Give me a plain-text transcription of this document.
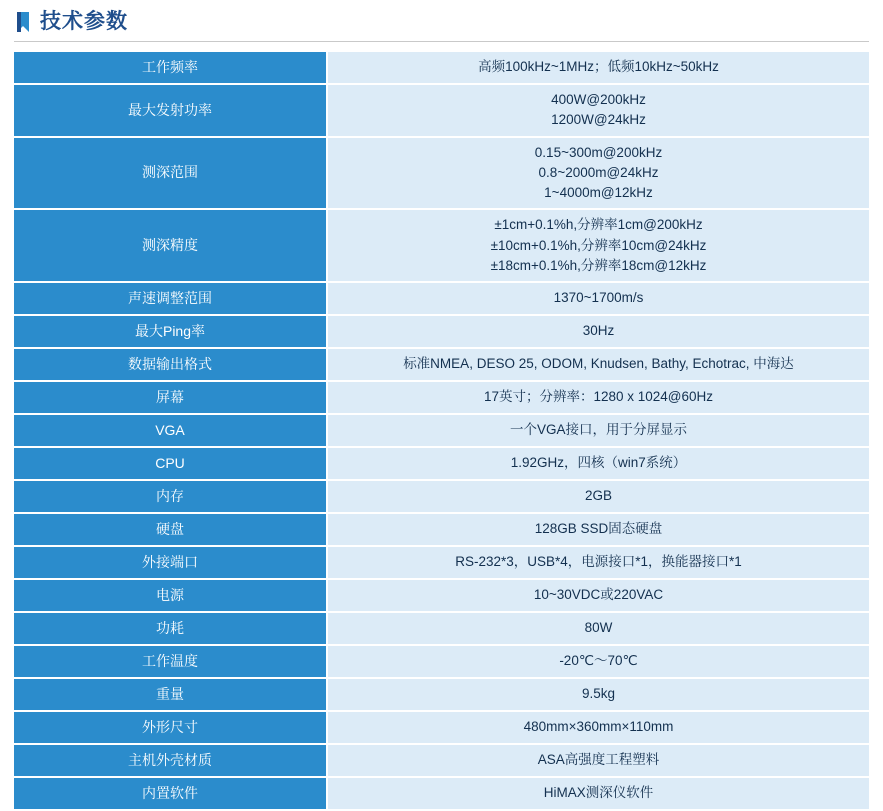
技术参数
工作频率	高频100kHz~1MHz；低频10kHz~50kHz

最大发射功率	400W@200kHz
1200W@24kHz

测深范围	0.15~300m@200kHz
0.8~2000m@24kHz
1~4000m@12kHz

测深精度	±1cm+0.1%h,分辨率1cm@200kHz
±10cm+0.1%h,分辨率10cm@24kHz
±18cm+0.1%h,分辨率18cm@12kHz

声速调整范围	1370~1700m/s

最大Ping率	30Hz

数据输出格式	标准NMEA, DESO 25, ODOM, Knudsen, Bathy, Echotrac, 中海达

屏幕	17英寸；分辨率：1280 x 1024@60Hz

VGA	一个VGA接口，用于分屏显示

CPU	1.92GHz，四核（win7系统）

内存	2GB

硬盘	128GB SSD固态硬盘

外接端口	RS-232*3，USB*4，电源接口*1，换能器接口*1

电源	10~30VDC或220VAC

功耗	80W

工作温度	-20℃～70℃

重量	9.5kg

外形尺寸	480mm×360mm×110mm

主机外壳材质	ASA高强度工程塑料

内置软件	HiMAX测深仪软件
